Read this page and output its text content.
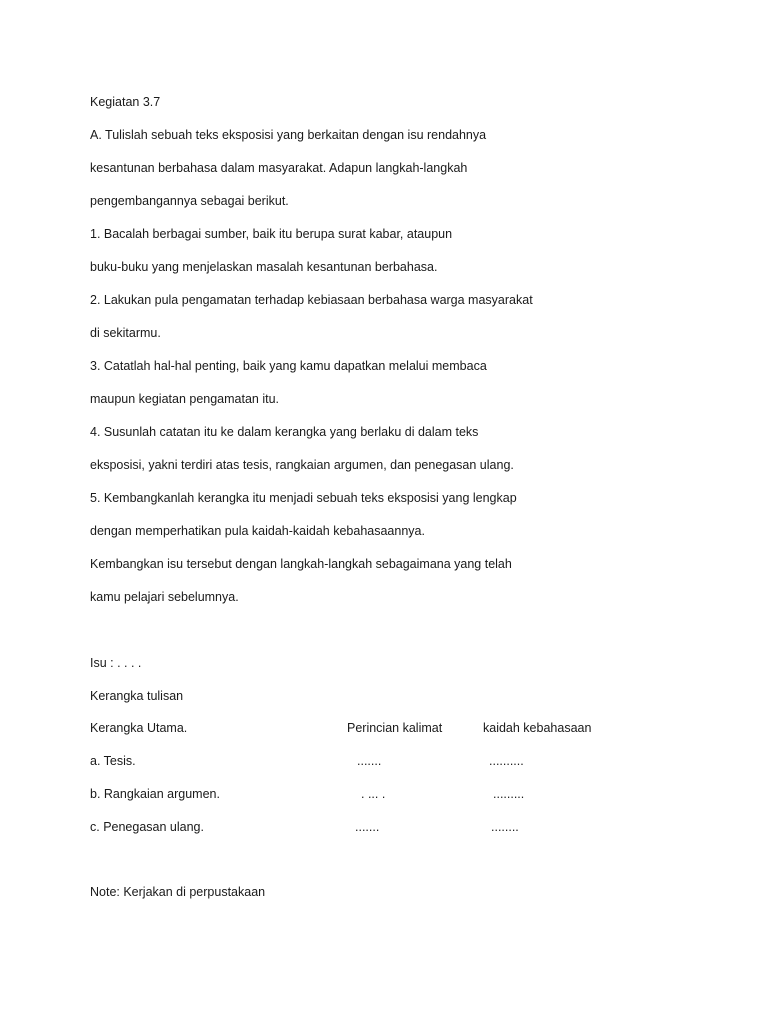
Kegiatan 3.7
A. Tulislah sebuah teks eksposisi yang berkaitan dengan isu rendahnya
kesantunan berbahasa dalam masyarakat. Adapun langkah-langkah
pengembangannya sebagai berikut.
1. Bacalah berbagai sumber, baik itu berupa surat kabar, ataupun
buku-buku yang menjelaskan masalah kesantunan berbahasa.
2. Lakukan pula pengamatan terhadap kebiasaan berbahasa warga masyarakat
di sekitarmu.
3. Catatlah hal-hal penting, baik yang kamu dapatkan melalui membaca
maupun kegiatan pengamatan itu.
4. Susunlah catatan itu ke dalam kerangka yang berlaku di dalam teks
eksposisi, yakni terdiri atas tesis, rangkaian argumen, dan penegasan ulang.
5. Kembangkanlah kerangka itu menjadi sebuah teks eksposisi yang lengkap
dengan memperhatikan pula kaidah-kaidah kebahasaannya.
Kembangkan isu tersebut dengan langkah-langkah sebagaimana yang telah
kamu pelajari sebelumnya.
Isu : . . . .
Kerangka tulisan
Kerangka Utama.	Perincian kalimat	kaidah kebahasaan
a. Tesis.	.......	..........
b. Rangkaian argumen.	. ... .	.........
c. Penegasan ulang.	.......	........
Note: Kerjakan di perpustakaan
